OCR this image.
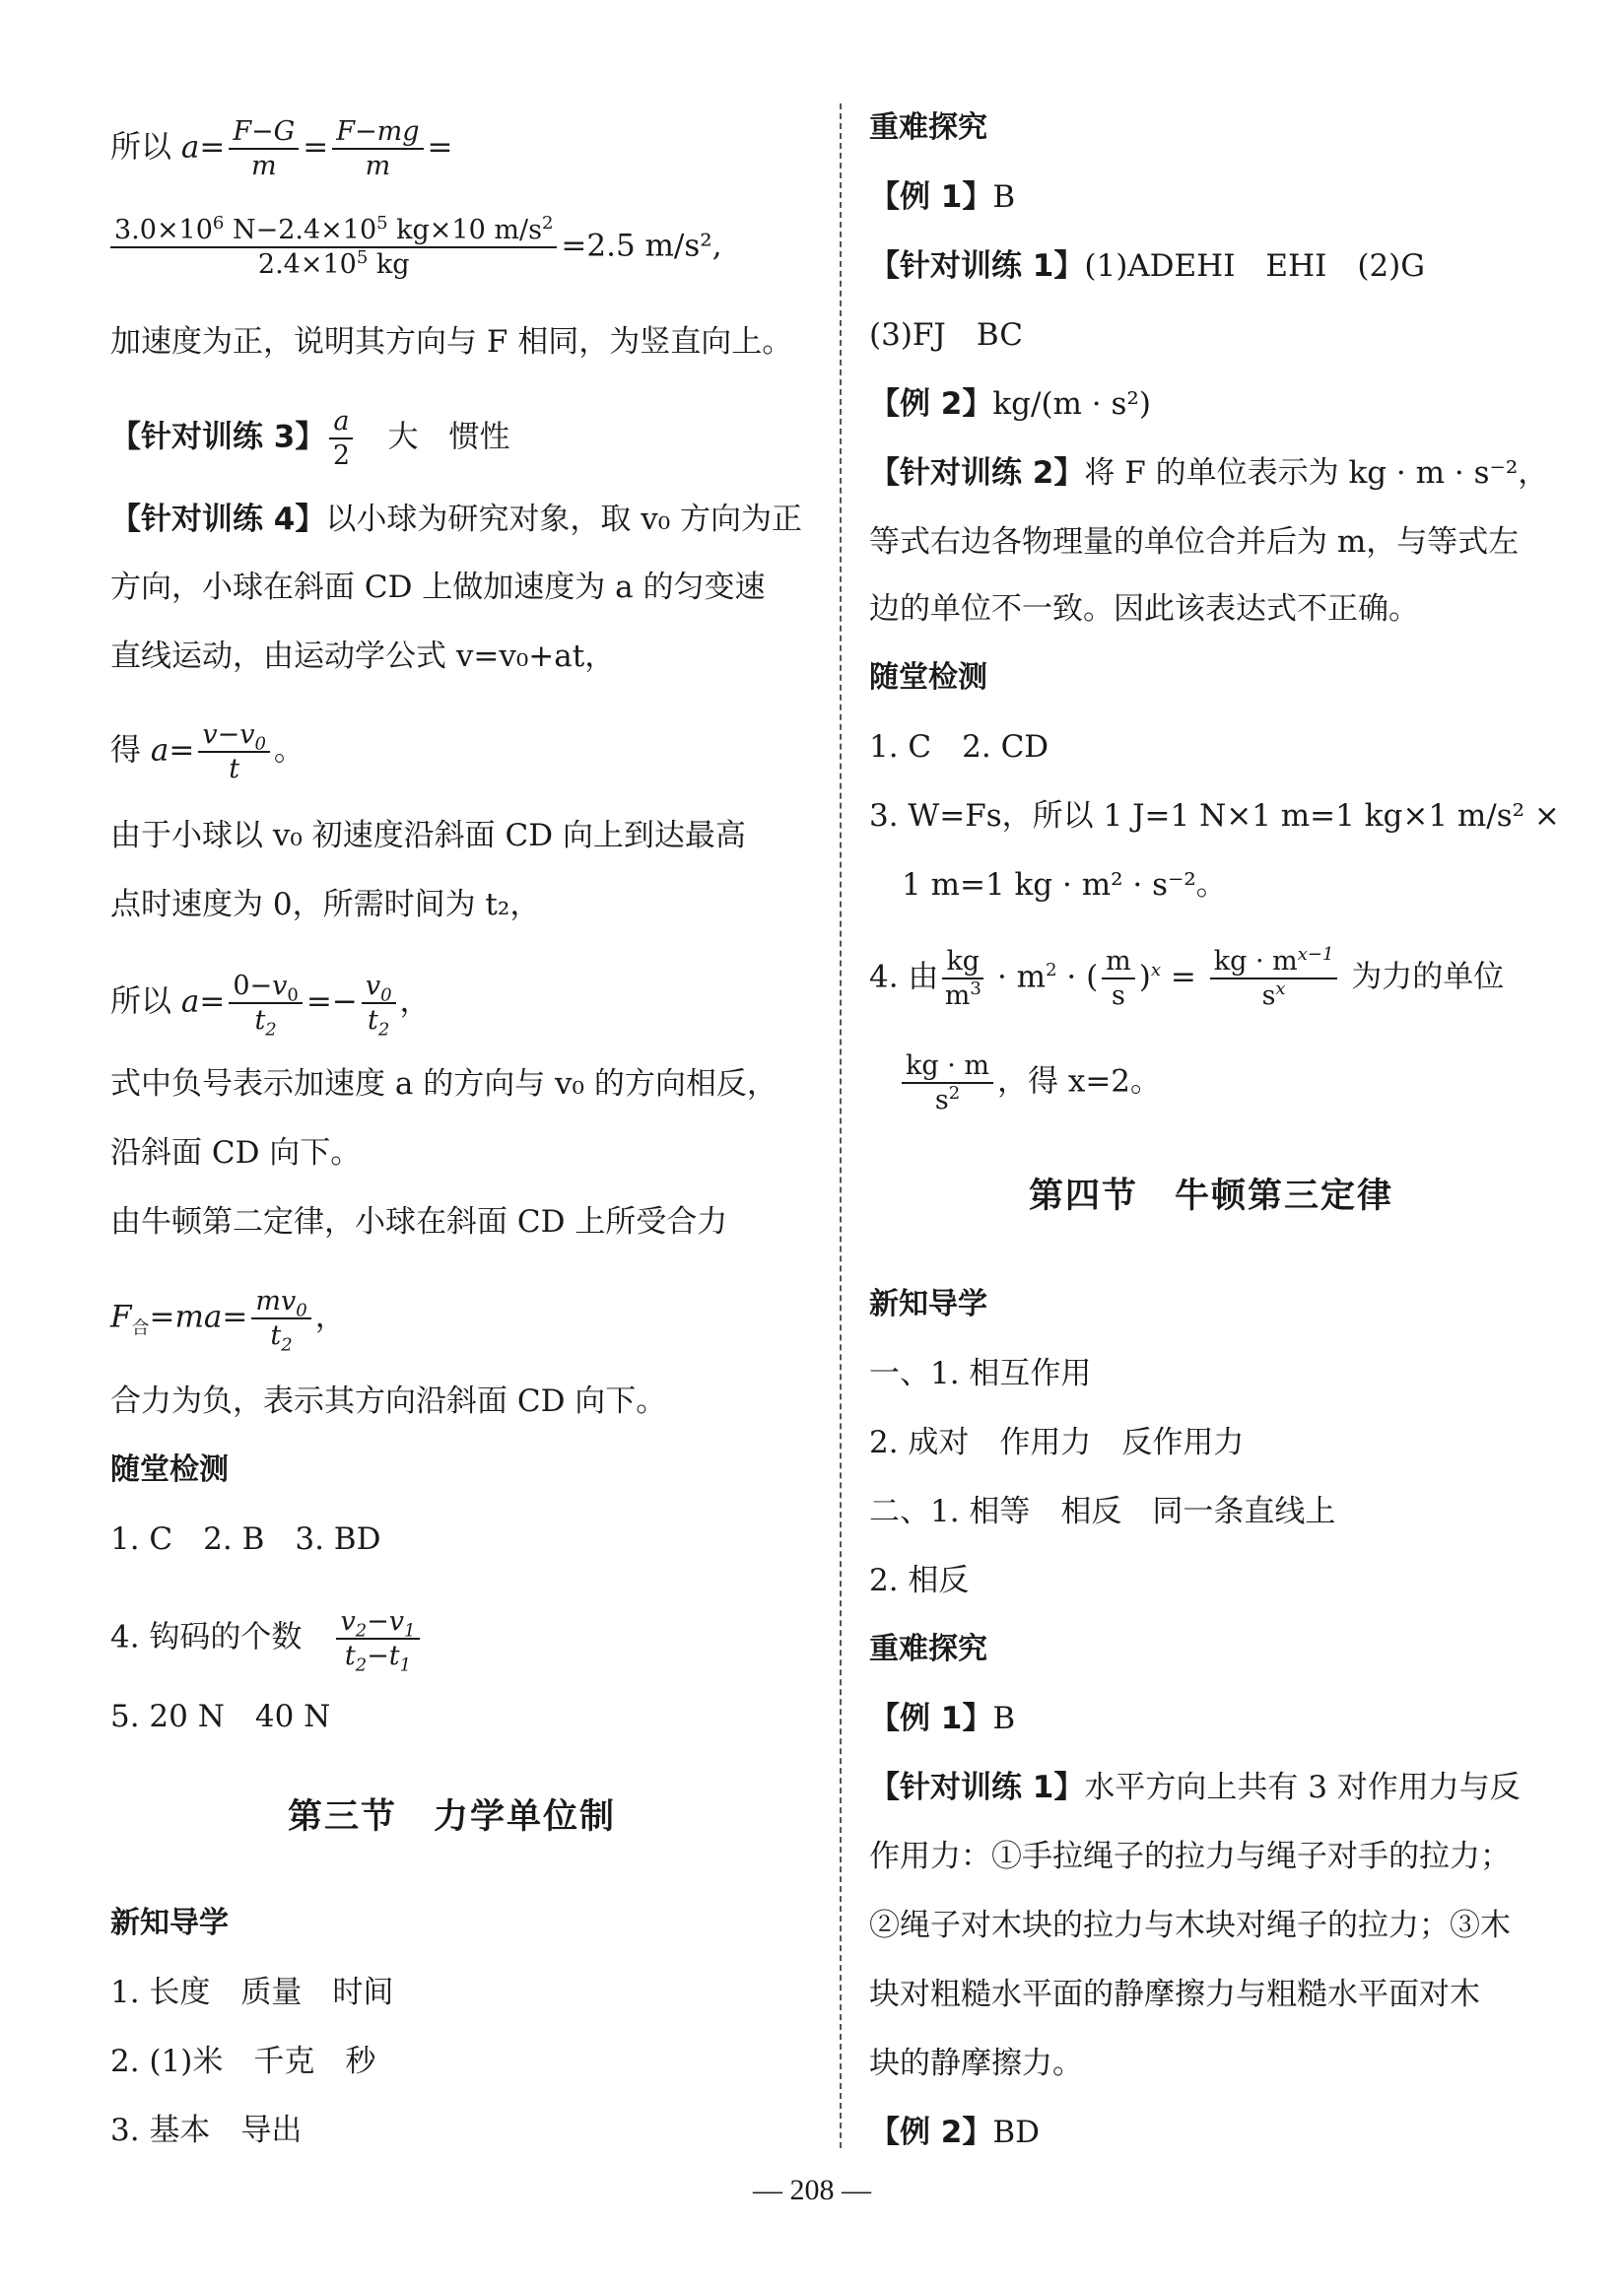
所以 $a= \frac{F-G}{m} = \frac{F-mg}{m}$ =
$\frac{3.0\times 10^6 N-2.4\times 10^5 kg\times 10 m/s^2}{2.4\times 10^5 kg} =2.5$ m/s²,
加速度为正，说明其方向与 F 相同，为竖直向上。
【针对训练 3】 $\frac{a}{2}$
　 大　惯性
【针对训练 4】以小球为研究对象，取 v₀ 方向为正
方向，小球在斜面 CD 上做加速度为 a 的匀变速
直线运动，由运动学公式 v=v₀+at，
得 $a= \frac{v-v_0}{t}$ 。
由于小球以 v₀ 初速度沿斜面 CD 向上到达最高
点时速度为 0，所需时间为 t₂，
所以 $a= \frac{0-v_0}{t_2} =- \frac{v_0}{t_2}$ ，
式中负号表示加速度 a 的方向与 v₀ 的方向相反，
沿斜面 CD 向下。
由牛顿第二定律，小球在斜面 CD 上所受合力
$F_合=ma= \frac{mv_0}{t_2}$ ，
合力为负，表示其方向沿斜面 CD 向下。
随堂检测
1. C　2. B　3. BD
4. 钩码的个数　 $\frac{v_2-v_1}{t_2-t_1}$
5. 20 N　40 N
第三节　力学单位制
新知导学
1. 长度　质量　时间
2. (1)米　千克　秒
3. 基本　导出
重难探究
【例 1】B
【针对训练 1】(1)ADEHI　EHI　(2)G
(3)FJ　BC
【例 2】kg/(m · s²)
【针对训练 2】将 F 的单位表示为 kg · m · s⁻²，
等式右边各物理量的单位合并后为 m，与等式左
边的单位不一致。因此该表达式不正确。
随堂检测
1. C　2. CD
3. W=Fs，所以 1 J=1 N×1 m=1 kg×1 m/s² ×
1 m=1 kg · m² · s⁻²。
4. 由 $\frac{kg}{m^3} \cdot m^2$ · ( $\frac{m}{s} )^x = \frac{kg \cdot m^{x-1}}{s^x}$ 为力的单位
$\frac{kg \cdot m}{s^2}$ ，得 x=2。
第四节　牛顿第三定律
新知导学
一、1. 相互作用
2. 成对　作用力　反作用力
二、1. 相等　相反　同一条直线上
2. 相反
重难探究
【例 1】B
【针对训练 1】水平方向上共有 3 对作用力与反
作用力：①手拉绳子的拉力与绳子对手的拉力；
②绳子对木块的拉力与木块对绳子的拉力；③木
块对粗糙水平面的静摩擦力与粗糙水平面对木
块的静摩擦力。
【例 2】BD
— 208 —
